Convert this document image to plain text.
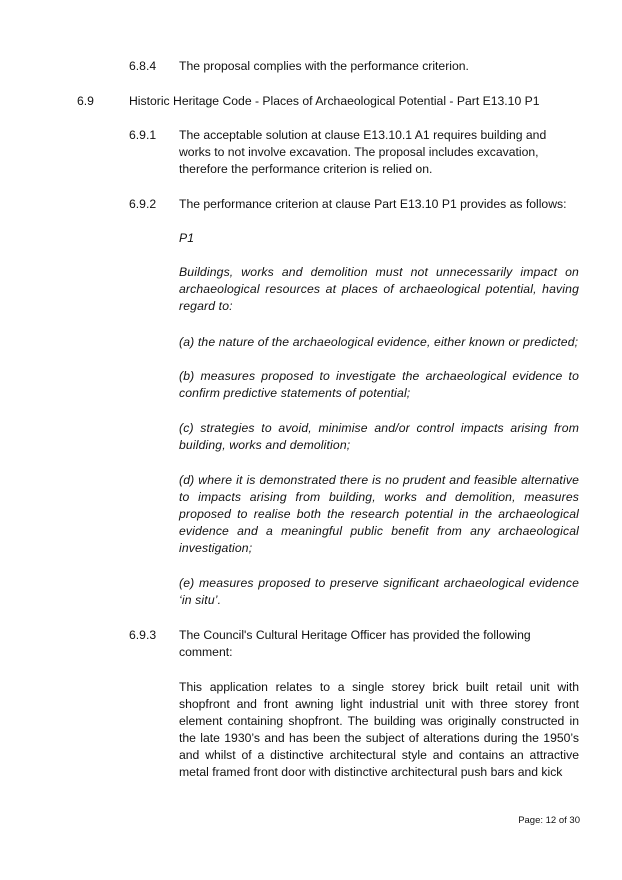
6.8.4 The proposal complies with the performance criterion.
6.9	Historic Heritage Code - Places of Archaeological Potential - Part E13.10 P1
6.9.1 The acceptable solution at clause E13.10.1 A1 requires building and works to not involve excavation. The proposal includes excavation, therefore the performance criterion is relied on.
6.9.2 The performance criterion at clause Part E13.10 P1 provides as follows:
P1
Buildings, works and demolition must not unnecessarily impact on archaeological resources at places of archaeological potential, having regard to:
(a) the nature of the archaeological evidence, either known or predicted;
(b) measures proposed to investigate the archaeological evidence to confirm predictive statements of potential;
(c) strategies to avoid, minimise and/or control impacts arising from building, works and demolition;
(d) where it is demonstrated there is no prudent and feasible alternative to impacts arising from building, works and demolition, measures proposed to realise both the research potential in the archaeological evidence and a meaningful public benefit from any archaeological investigation;
(e) measures proposed to preserve significant archaeological evidence ‘in situ’.
6.9.3 The Council's Cultural Heritage Officer has provided the following comment:
This application relates to a single storey brick built retail unit with shopfront and front awning light industrial unit with three storey front element containing shopfront. The building was originally constructed in the late 1930’s and has been the subject of alterations during the 1950’s and whilst of a distinctive architectural style and contains an attractive metal framed front door with distinctive architectural push bars and kick
Page: 12 of 30
